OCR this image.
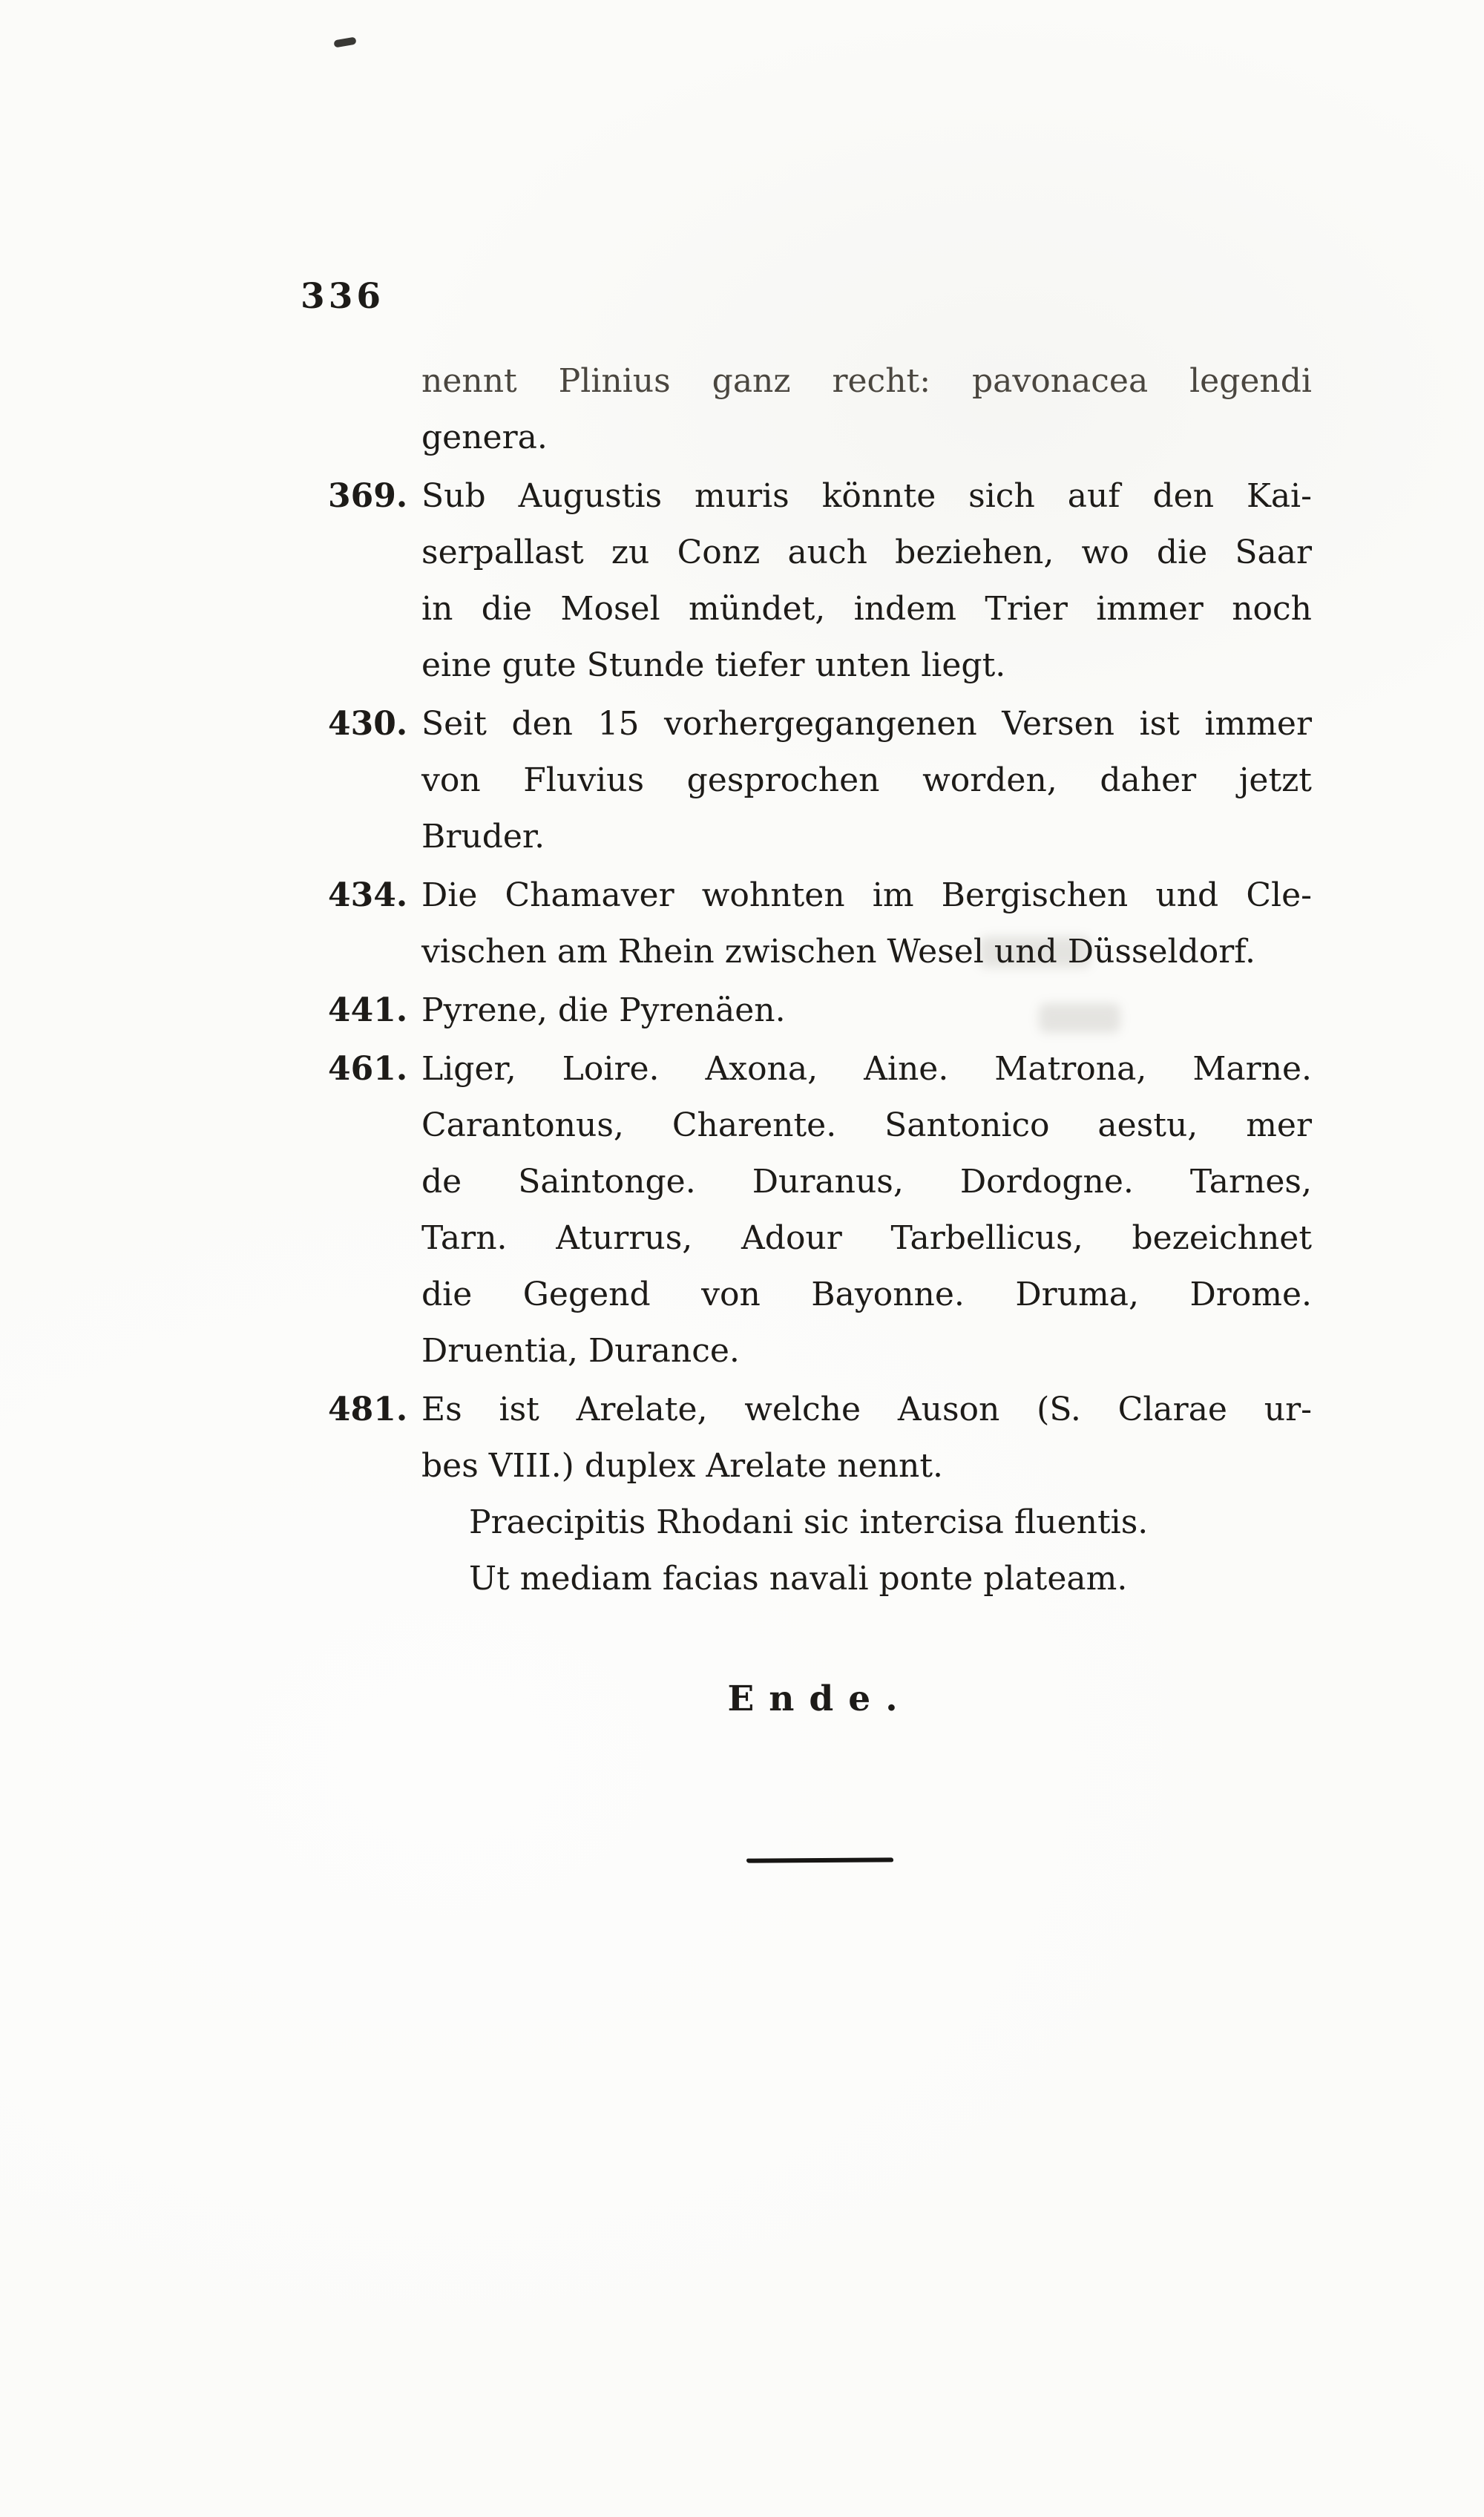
336
nennt Plinius ganz recht: pavonacea legendi
genera.
369. Sub Augustis muris könnte sich auf den Kai-
serpallast zu Conz auch beziehen, wo die Saar
in die Mosel mündet, indem Trier immer noch
eine gute Stunde tiefer unten liegt.
430. Seit den 15 vorhergegangenen Versen ist immer
von Fluvius gesprochen worden, daher jetzt
Bruder.
434. Die Chamaver wohnten im Bergischen und Cle-
vischen am Rhein zwischen Wesel und Düsseldorf.
441. Pyrene, die Pyrenäen.
461. Liger, Loire. Axona, Aine. Matrona, Marne.
Carantonus, Charente. Santonico aestu, mer
de Saintonge. Duranus, Dordogne. Tarnes,
Tarn. Aturrus, Adour Tarbellicus, bezeichnet
die Gegend von Bayonne. Druma, Drome.
Druentia, Durance.
481. Es ist Arelate, welche Auson (S. Clarae ur-
bes VIII.) duplex Arelate nennt.
Praecipitis Rhodani sic intercisa fluentis.
Ut mediam facias navali ponte plateam.
Ende.
